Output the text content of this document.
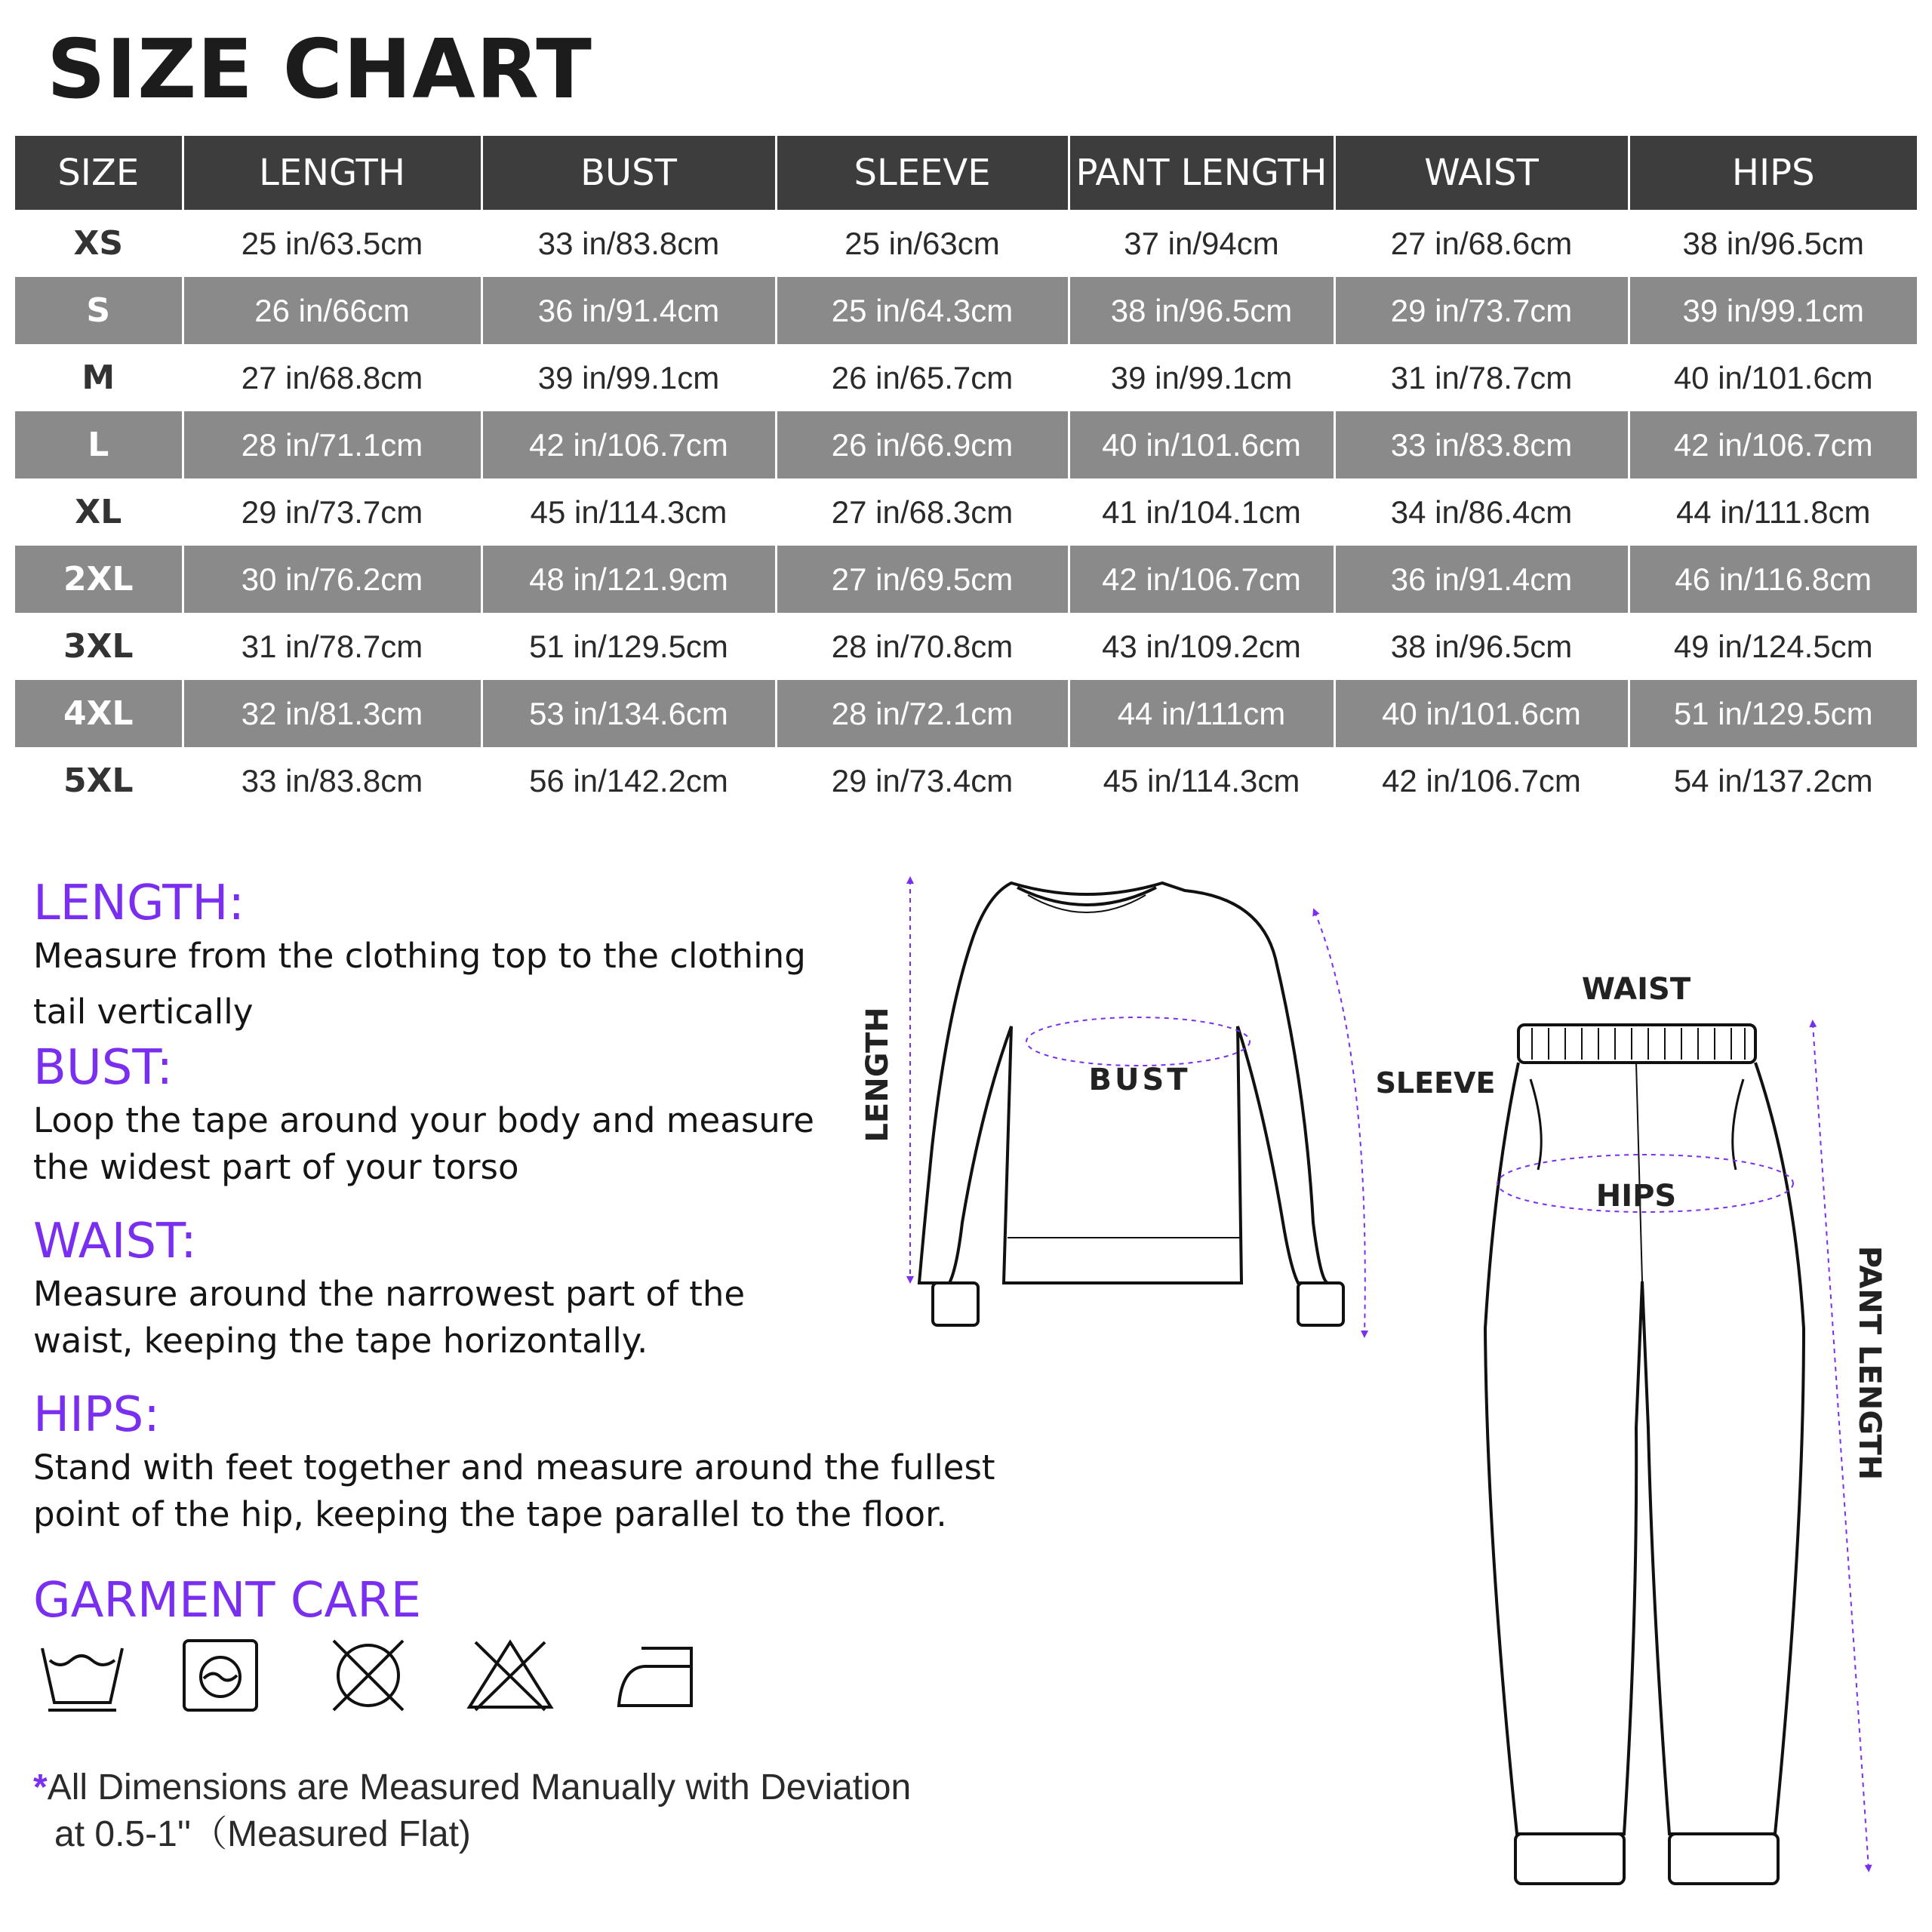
SIZE CHART
SIZE	LENGTH	BUST	SLEEVE	PANT LENGTH	WAIST	HIPS
XS	25 in/63.5cm	33 in/83.8cm	25 in/63cm	37 in/94cm	27 in/68.6cm	38 in/96.5cm
S	26 in/66cm	36 in/91.4cm	25 in/64.3cm	38 in/96.5cm	29 in/73.7cm	39 in/99.1cm
M	27 in/68.8cm	39 in/99.1cm	26 in/65.7cm	39 in/99.1cm	31 in/78.7cm	40 in/101.6cm
L	28 in/71.1cm	42 in/106.7cm	26 in/66.9cm	40 in/101.6cm	33 in/83.8cm	42 in/106.7cm
XL	29 in/73.7cm	45 in/114.3cm	27 in/68.3cm	41 in/104.1cm	34 in/86.4cm	44 in/111.8cm
2XL	30 in/76.2cm	48 in/121.9cm	27 in/69.5cm	42 in/106.7cm	36 in/91.4cm	46 in/116.8cm
3XL	31 in/78.7cm	51 in/129.5cm	28 in/70.8cm	43 in/109.2cm	38 in/96.5cm	49 in/124.5cm
4XL	32 in/81.3cm	53 in/134.6cm	28 in/72.1cm	44 in/111cm	40 in/101.6cm	51 in/129.5cm
5XL	33 in/83.8cm	56 in/142.2cm	29 in/73.4cm	45 in/114.3cm	42 in/106.7cm	54 in/137.2cm
LENGTH:
Measure from the clothing top to the clothing
tail vertically
BUST:
Loop the tape around your body and measure
the widest part of your torso
WAIST:
Measure around the narrowest part of the
waist, keeping the tape horizontally.
HIPS:
Stand with feet together and measure around the fullest
point of the hip, keeping the tape parallel to the floor.
GARMENT CARE
*All Dimensions are Measured Manually with Deviation
at 0.5-1''（Measured Flat)
LENGTH	BUST	SLEEVE
WAIST
HIPS
PANT LENGTH
